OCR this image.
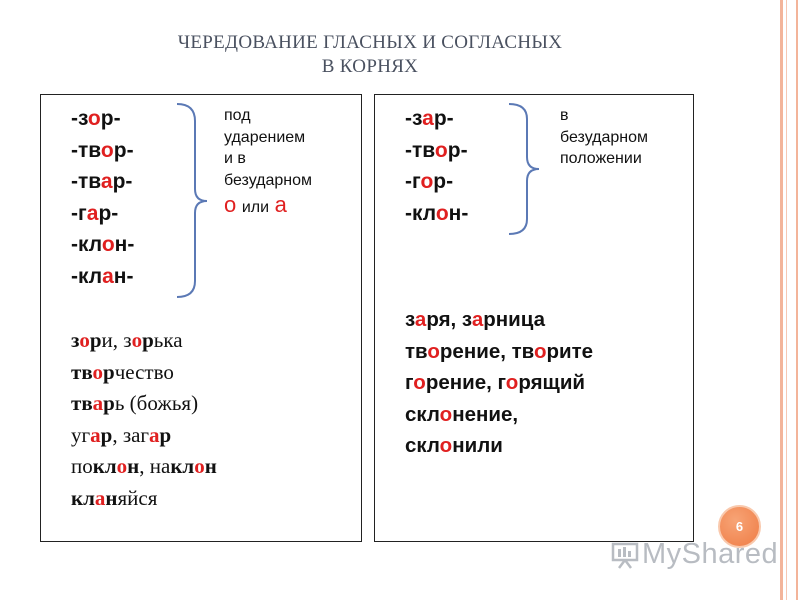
ЧЕРЕДОВАНИЕ ГЛАСНЫХ И СОГЛАСНЫХ
В КОРНЯХ
-зор-
-твор-
-твар-
-гар-
-клон-
-клан-
под
ударением
и в
безударном
о или а
зори, зорька
творчество
тварь (божья)
угар, загар
поклон, наклон
кланяйся
-зар-
-твор-
-гор-
-клон-
в
безударном
положении
заря, зарница
творение, творите
горение, горящий
склонение,
склонили
6
MyShared
